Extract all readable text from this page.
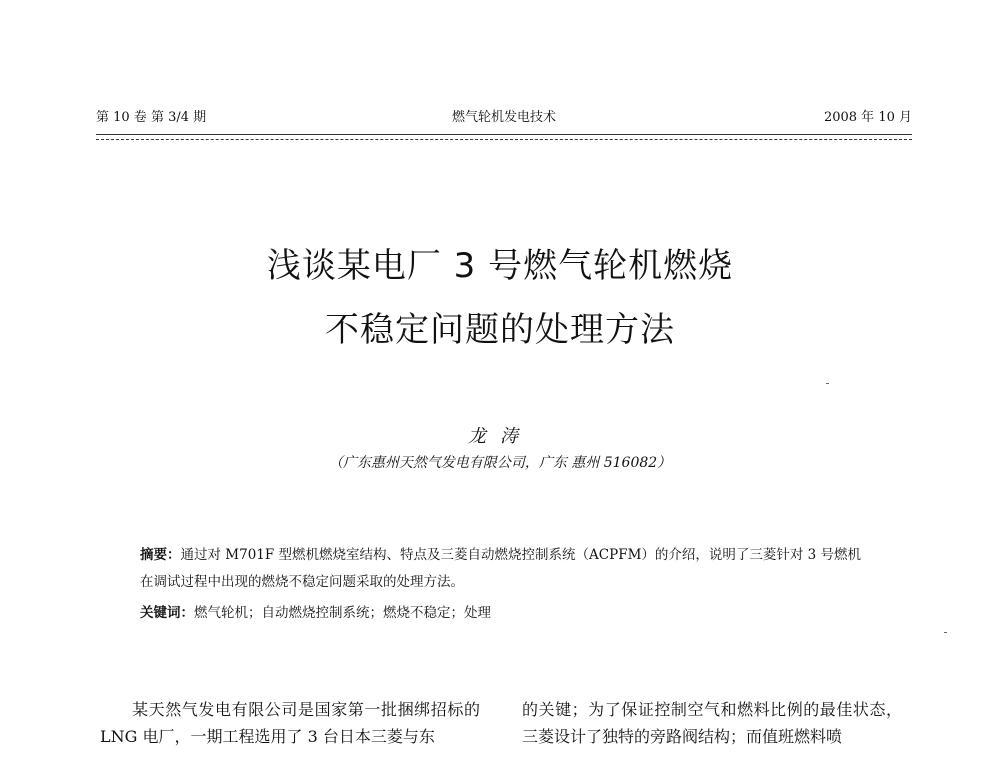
第 10 卷 第 3/4 期	燃气轮机发电技术	2008 年 10 月
浅谈某电厂 3 号燃气轮机燃烧
不稳定问题的处理方法
龙涛
（广东惠州天然气发电有限公司，广东 惠州 516082）
摘要：通过对 M701F 型燃机燃烧室结构、特点及三菱自动燃烧控制系统（ACPFM）的介绍，说明了三菱针对 3 号燃机在调试过程中出现的燃烧不稳定问题采取的处理方法。
关键词：燃气轮机；自动燃烧控制系统；燃烧不稳定；处理
某天然气发电有限公司是国家第一批捆绑招标的 LNG 电厂，一期工程选用了 3 台日本三菱与东
的关键；为了保证控制空气和燃料比例的最佳状态，三菱设计了独特的旁路阀结构；而值班燃料喷
